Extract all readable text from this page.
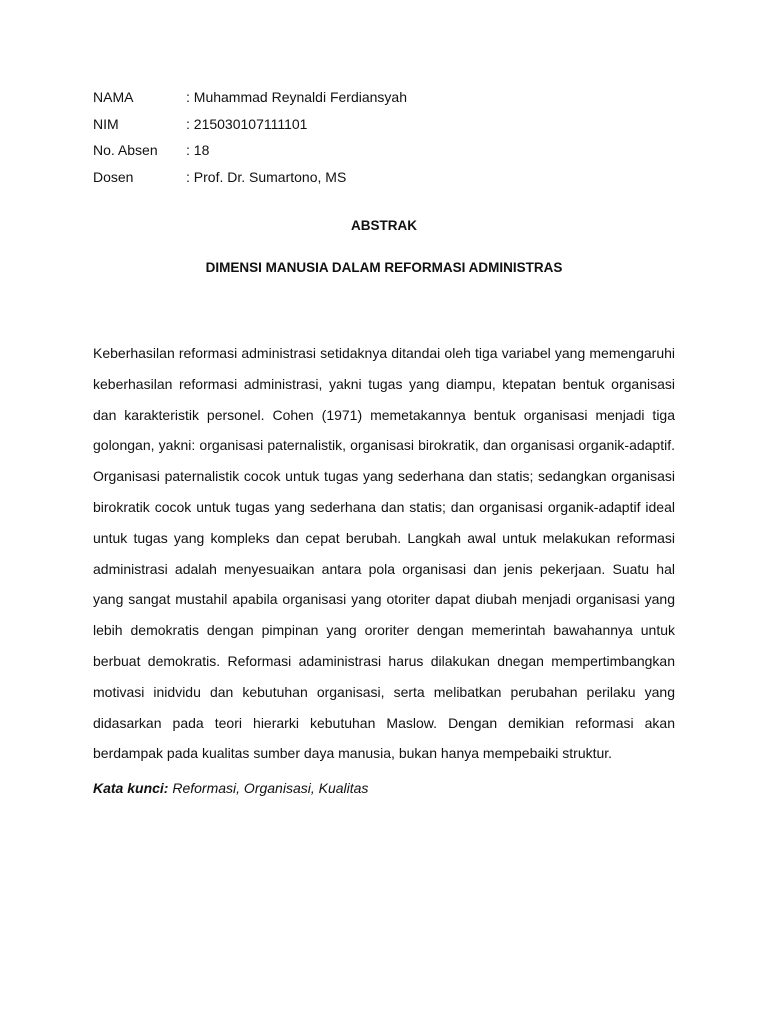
NAMA	: Muhammad Reynaldi Ferdiansyah
NIM	: 215030107111101
No. Absen	: 18
Dosen	: Prof. Dr. Sumartono, MS
ABSTRAK
DIMENSI MANUSIA DALAM REFORMASI ADMINISTRAS

Keberhasilan reformasi administrasi setidaknya ditandai oleh tiga variabel yang memengaruhi keberhasilan reformasi administrasi, yakni tugas yang diampu, ktepatan bentuk organisasi dan karakteristik personel. Cohen (1971) memetakannya bentuk organisasi menjadi tiga golongan, yakni: organisasi paternalistik, organisasi birokratik, dan organisasi organik-adaptif. Organisasi paternalistik cocok untuk tugas yang sederhana dan statis; sedangkan organisasi birokratik cocok untuk tugas yang sederhana dan statis; dan organisasi organik-adaptif ideal untuk tugas yang kompleks dan cepat berubah. Langkah awal untuk melakukan reformasi administrasi adalah menyesuaikan antara pola organisasi dan jenis pekerjaan. Suatu hal yang sangat mustahil apabila organisasi yang otoriter dapat diubah menjadi organisasi yang lebih demokratis dengan pimpinan yang ororiter dengan memerintah bawahannya untuk berbuat demokratis. Reformasi adaministrasi harus dilakukan dnegan mempertimbangkan motivasi inidvidu dan kebutuhan organisasi, serta melibatkan perubahan perilaku yang didasarkan pada teori hierarki kebutuhan Maslow. Dengan demikian reformasi akan berdampak pada kualitas sumber daya manusia, bukan hanya mempebaiki struktur.

Kata kunci: Reformasi, Organisasi, Kualitas
